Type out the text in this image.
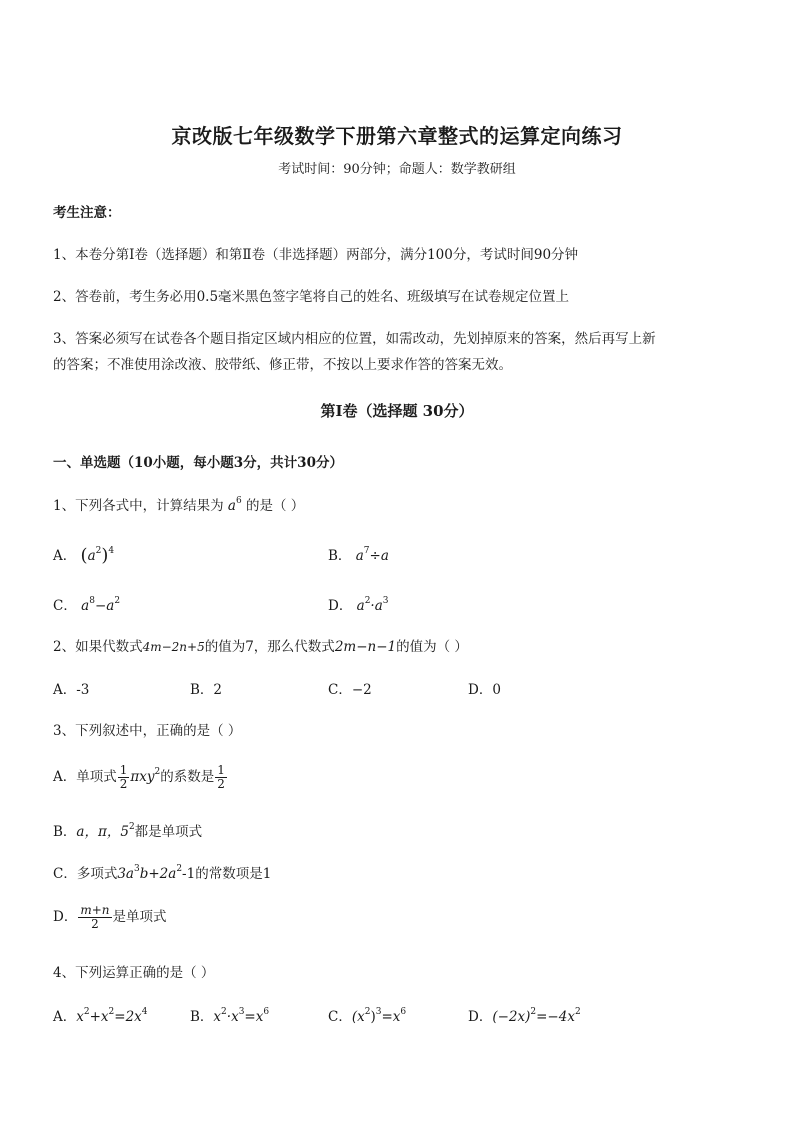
京改版七年级数学下册第六章整式的运算定向练习
考试时间：90分钟；命题人：数学教研组
考生注意：
1、本卷分第Ⅰ卷（选择题）和第Ⅱ卷（非选择题）两部分，满分100分，考试时间90分钟
2、答卷前，考生务必用0.5毫米黑色签字笔将自己的姓名、班级填写在试卷规定位置上
3、答案必须写在试卷各个题目指定区域内相应的位置，如需改动，先划掉原来的答案，然后再写上新
的答案；不准使用涂改液、胶带纸、修正带，不按以上要求作答的答案无效。
第Ⅰ卷（选择题 30分）
一、单选题（10小题，每小题3分，共计30分）
1、下列各式中，计算结果为 $a^6$ 的是（ ）
A． $(a^2)^4$	B． $a^7\div a$
C． $a^8-a^2$	D． $a^2\cdot a^3$
2、如果代数式4m−2n+5的值为7，那么代数式2m−n−1的值为（ ）
A．-3	B．2	C．−2	D．0
3、下列叙述中，正确的是（ ）
A．单项式 $\frac{1}{2} \pi xy^2$的系数是 $\frac{1}{2}$
B．a，π，$5^2$都是单项式
C．多项式$3a^3b+2a^2-1$的常数项是1
D． $\frac{m+n}{2}$ 是单项式
4、下列运算正确的是（ ）
A．$x^2+x^2=2x^4$	B．$x^2\cdot x^3=x^6$	C．$(x^2)^3=x^6$	D．$(-2x)^2=-4x^2$
